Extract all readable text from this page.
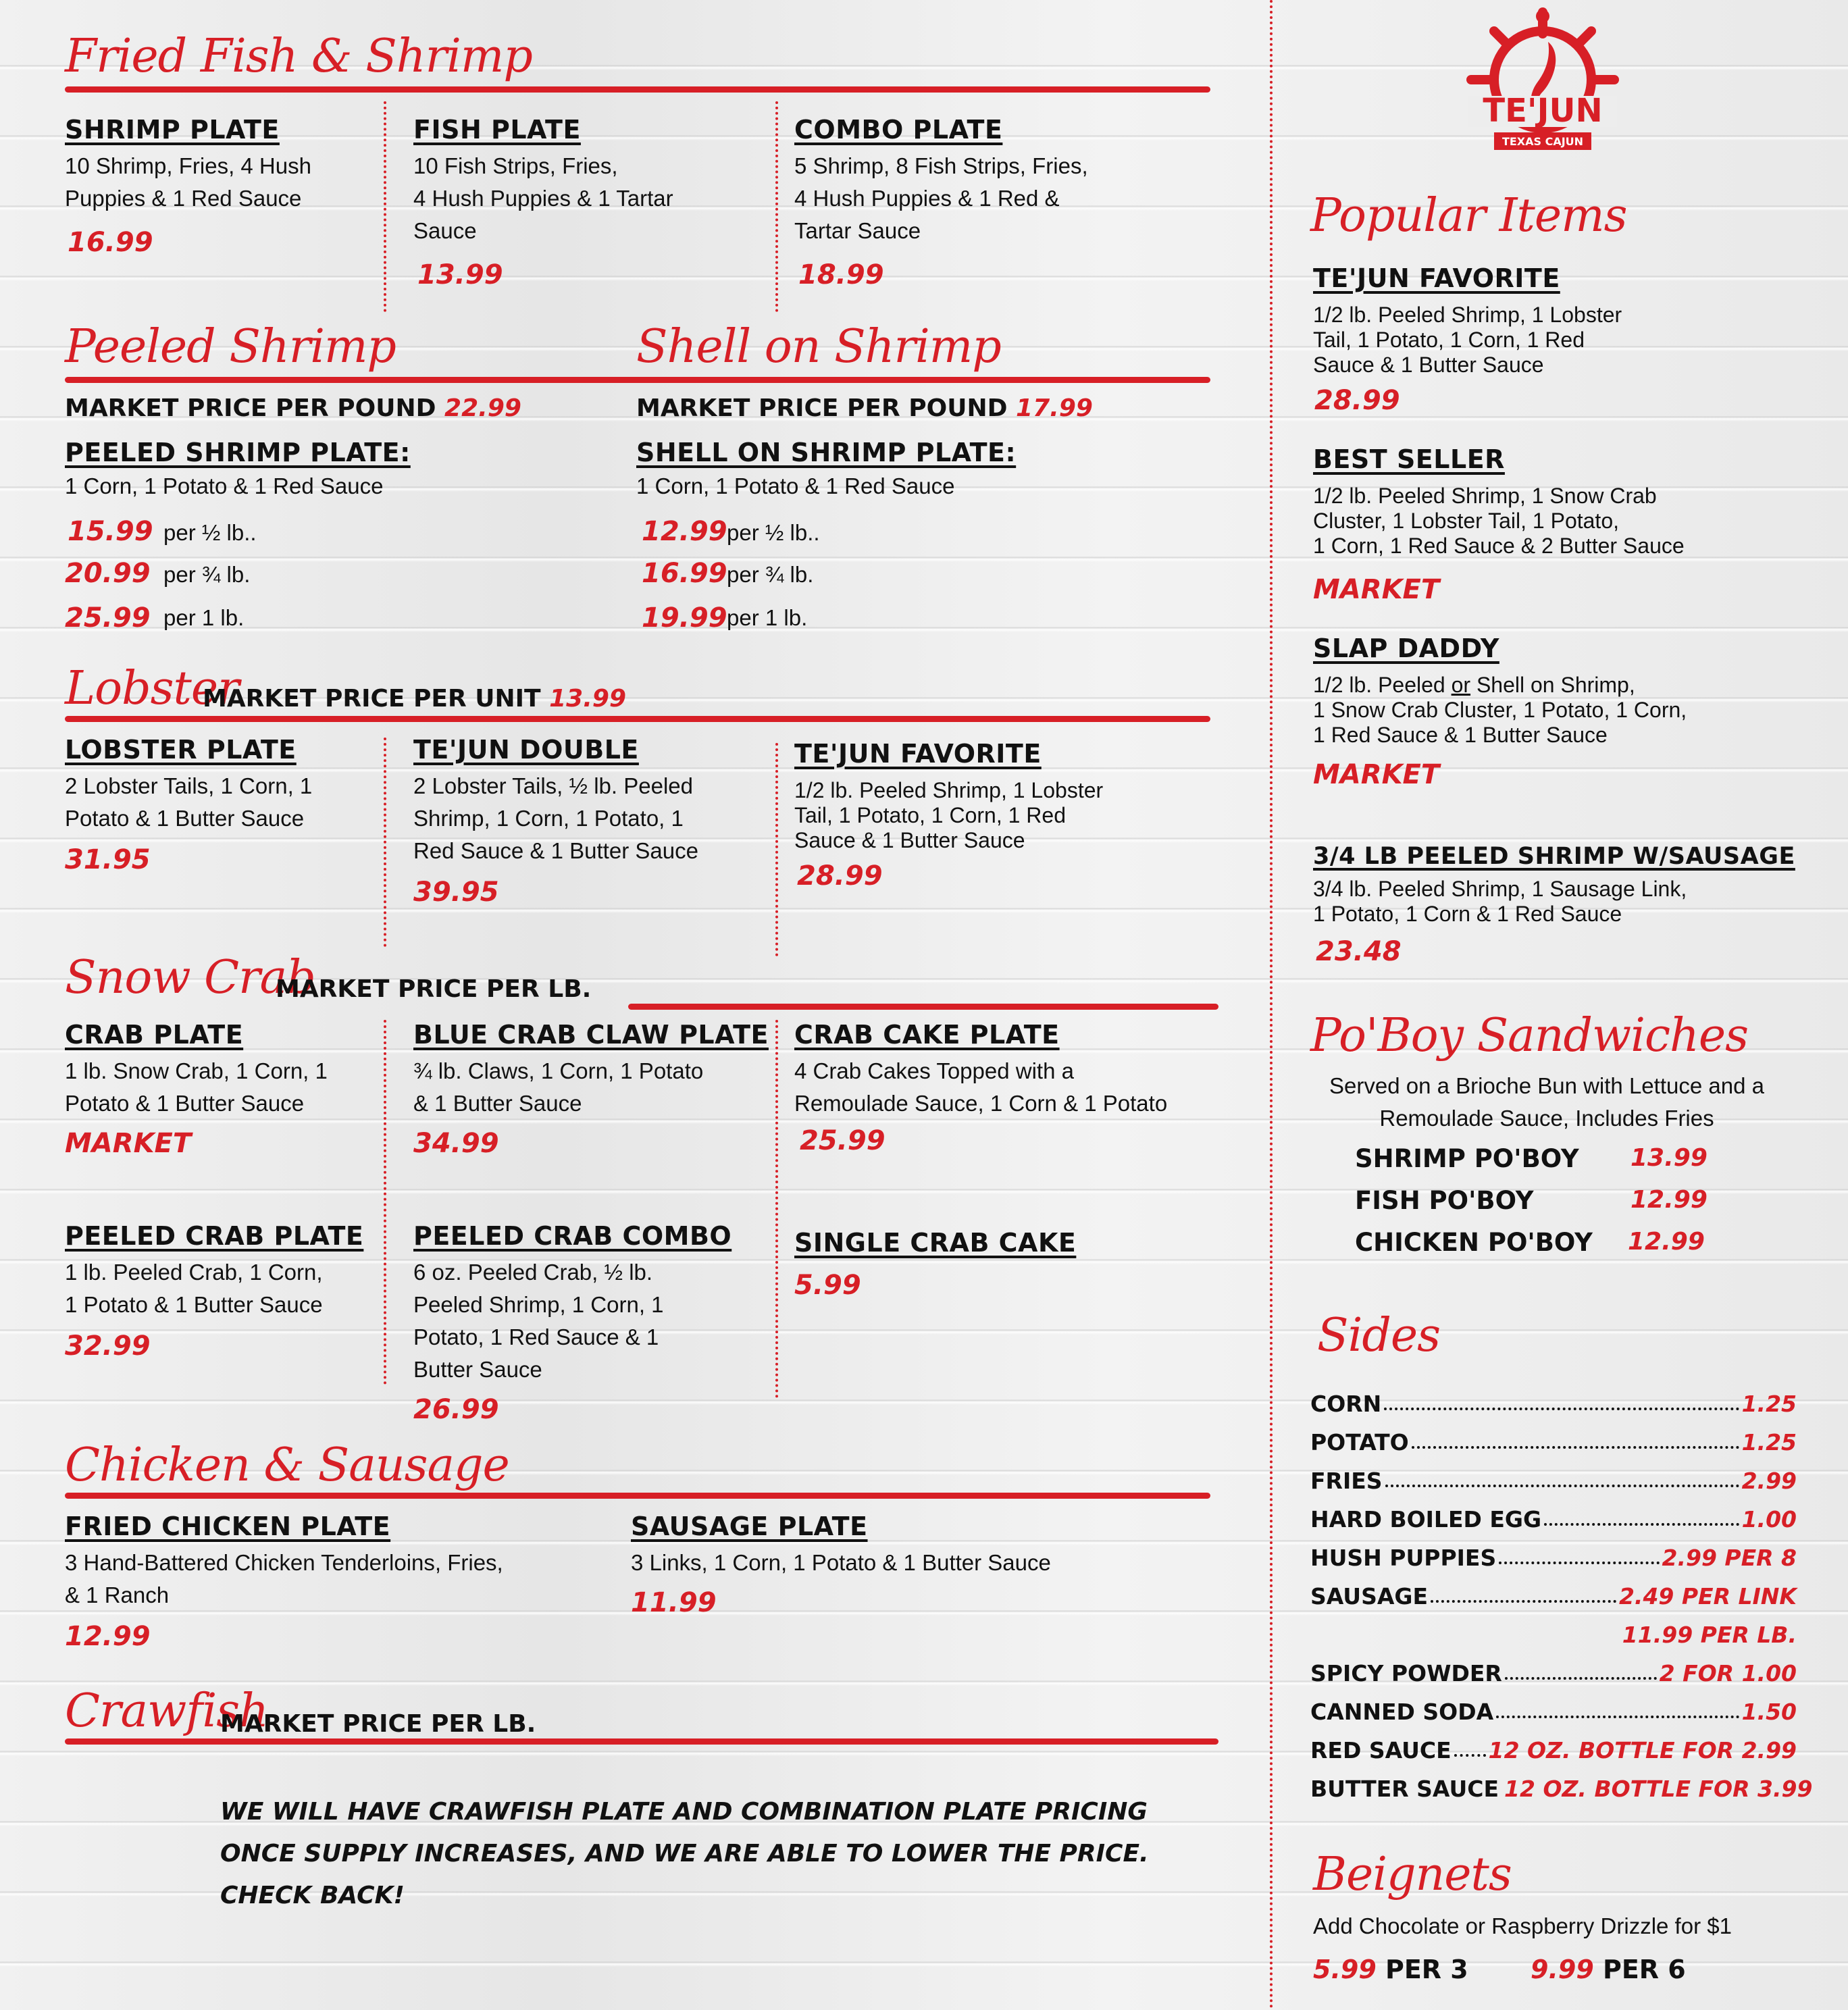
Fried Fish & Shrimp
SHRIMP PLATE
10 Shrimp, Fries, 4 Hush
Puppies & 1 Red Sauce
16.99
FISH PLATE
10 Fish Strips, Fries,
4 Hush Puppies & 1 Tartar
Sauce
13.99
COMBO PLATE
5 Shrimp, 8 Fish Strips, Fries,
4 Hush Puppies & 1 Red &
Tartar Sauce
18.99
Peeled Shrimp	Shell on Shrimp
MARKET PRICE PER POUND 22.99
PEELED SHRIMP PLATE:
1 Corn, 1 Potato & 1 Red Sauce
15.99 per ½ lb..
20.99 per ¾ lb.
25.99 per 1 lb.
MARKET PRICE PER POUND 17.99
SHELL ON SHRIMP PLATE:
1 Corn, 1 Potato & 1 Red Sauce
12.99 per ½ lb..
16.99 per ¾ lb.
19.99 per 1 lb.
Lobster
MARKET PRICE PER UNIT 13.99
LOBSTER PLATE
2 Lobster Tails, 1 Corn, 1
Potato & 1 Butter Sauce
31.95
TE'JUN DOUBLE
2 Lobster Tails, ½ lb. Peeled
Shrimp, 1 Corn, 1 Potato, 1
Red Sauce & 1 Butter Sauce
39.95
TE'JUN FAVORITE
1/2 lb. Peeled Shrimp, 1 Lobster
Tail, 1 Potato, 1 Corn, 1 Red
Sauce & 1 Butter Sauce
28.99
Snow Crab
MARKET PRICE PER LB.
CRAB PLATE
1 lb. Snow Crab, 1 Corn, 1
Potato & 1 Butter Sauce
MARKET
BLUE CRAB CLAW PLATE
¾ lb. Claws, 1 Corn, 1 Potato
& 1 Butter Sauce
34.99
CRAB CAKE PLATE
4 Crab Cakes Topped with a
Remoulade Sauce, 1 Corn & 1 Potato
25.99
PEELED CRAB PLATE
1 lb. Peeled Crab, 1 Corn,
1 Potato & 1 Butter Sauce
32.99
PEELED CRAB COMBO
6 oz. Peeled Crab, ½ lb.
Peeled Shrimp, 1 Corn, 1
Potato, 1 Red Sauce & 1
Butter Sauce
26.99
SINGLE CRAB CAKE
5.99
Chicken & Sausage
FRIED CHICKEN PLATE
3 Hand-Battered Chicken Tenderloins, Fries,
& 1 Ranch
12.99
SAUSAGE PLATE
3 Links, 1 Corn, 1 Potato & 1 Butter Sauce
11.99
Crawfish
MARKET PRICE PER LB.
WE WILL HAVE CRAWFISH PLATE AND COMBINATION PLATE PRICING
ONCE SUPPLY INCREASES, AND WE ARE ABLE TO LOWER THE PRICE.
CHECK BACK!
TE'JUN
TEXAS CAJUN
Popular Items
TE'JUN FAVORITE
1/2 lb. Peeled Shrimp, 1 Lobster
Tail, 1 Potato, 1 Corn, 1 Red
Sauce & 1 Butter Sauce
28.99
BEST SELLER
1/2 lb. Peeled Shrimp, 1 Snow Crab
Cluster, 1 Lobster Tail, 1 Potato,
1 Corn, 1 Red Sauce & 2 Butter Sauce
MARKET
SLAP DADDY
1/2 lb. Peeled or Shell on Shrimp,
1 Snow Crab Cluster, 1 Potato, 1 Corn,
1 Red Sauce & 1 Butter Sauce
MARKET
3/4 LB PEELED SHRIMP W/SAUSAGE
3/4 lb. Peeled Shrimp, 1 Sausage Link,
1 Potato, 1 Corn & 1 Red Sauce
23.48
Po'Boy Sandwiches
Served on a Brioche Bun with Lettuce and a
Remoulade Sauce, Includes Fries
SHRIMP PO'BOY 13.99
FISH PO'BOY	12.99
CHICKEN PO'BOY 12.99
Sides
CORN	1.25
POTATO	1.25
FRIES	2.99
HARD BOILED EGG	1.00
HUSH PUPPIES	2.99 PER 8
SAUSAGE	2.49 PER LINK
11.99 PER LB.
SPICY POWDER	2 FOR 1.00
CANNED SODA	1.50
RED SAUCE 12 OZ. BOTTLE FOR 2.99
BUTTER SAUCE 12 OZ. BOTTLE FOR 3.99
Beignets
Add Chocolate or Raspberry Drizzle for $1
5.99 PER 3 9.99 PER 6
